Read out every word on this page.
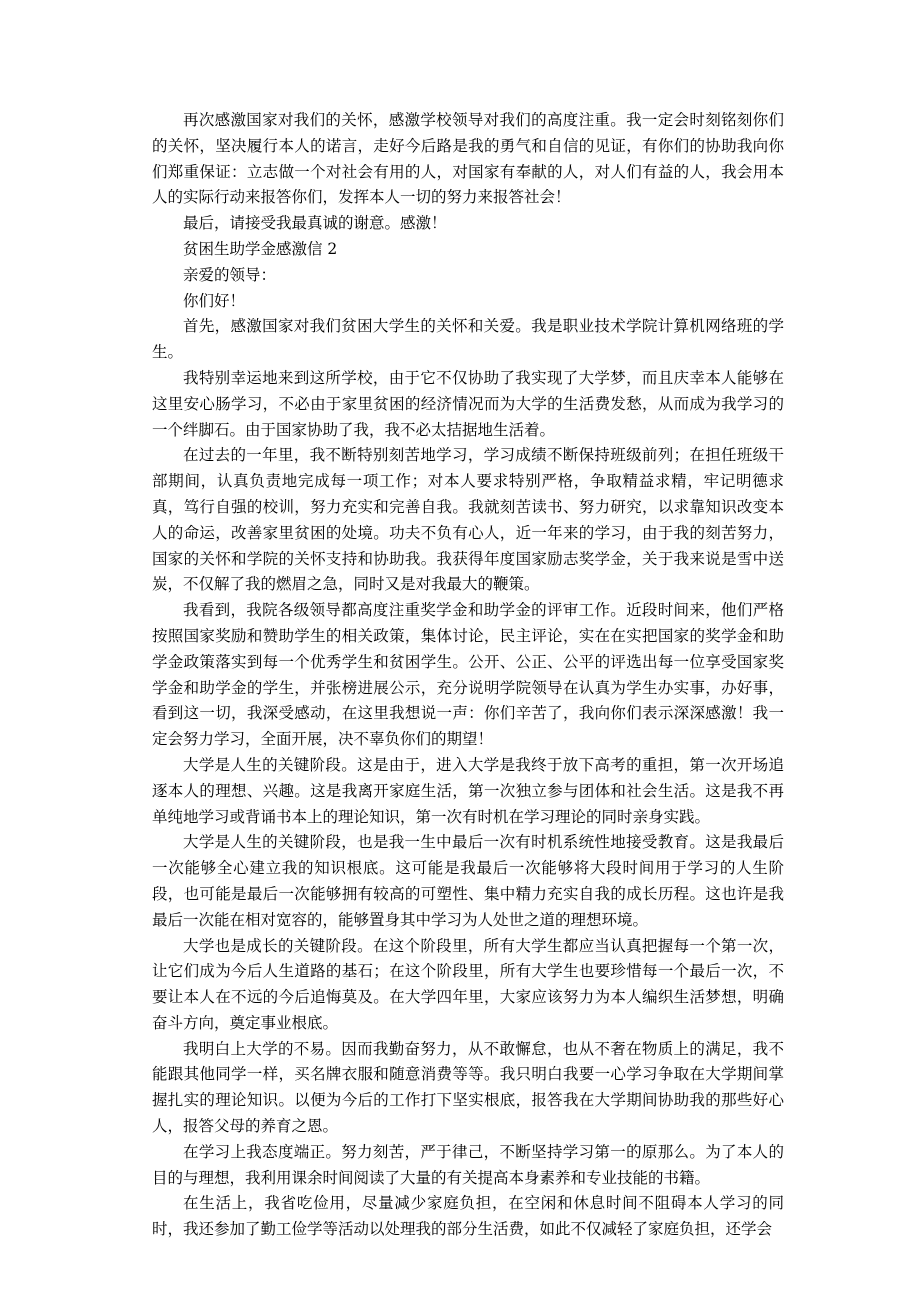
再次感激国家对我们的关怀，感激学校领导对我们的高度注重。我一定会时刻铭刻你们的关怀，坚决履行本人的诺言，走好今后路是我的勇气和自信的见证，有你们的协助我向你们郑重保证：立志做一个对社会有用的人，对国家有奉献的人，对人们有益的人，我会用本人的实际行动来报答你们，发挥本人一切的努力来报答社会！

最后，请接受我最真诚的谢意。感激！

贫困生助学金感激信 2

亲爱的领导：

你们好！

首先，感激国家对我们贫困大学生的关怀和关爱。我是职业技术学院计算机网络班的学生。

我特别幸运地来到这所学校，由于它不仅协助了我实现了大学梦，而且庆幸本人能够在这里安心肠学习，不必由于家里贫困的经济情况而为大学的生活费发愁，从而成为我学习的一个绊脚石。由于国家协助了我，我不必太拮据地生活着。

在过去的一年里，我不断特别刻苦地学习，学习成绩不断保持班级前列；在担任班级干部期间，认真负责地完成每一项工作；对本人要求特别严格，争取精益求精，牢记明德求真，笃行自强的校训，努力充实和完善自我。我就刻苦读书、努力研究，以求靠知识改变本人的命运，改善家里贫困的处境。功夫不负有心人，近一年来的学习，由于我的刻苦努力，国家的关怀和学院的关怀支持和协助我。我获得年度国家励志奖学金，关于我来说是雪中送炭，不仅解了我的燃眉之急，同时又是对我最大的鞭策。

我看到，我院各级领导都高度注重奖学金和助学金的评审工作。近段时间来，他们严格按照国家奖励和赞助学生的相关政策，集体讨论，民主评论，实在在实把国家的奖学金和助学金政策落实到每一个优秀学生和贫困学生。公开、公正、公平的评选出每一位享受国家奖学金和助学金的学生，并张榜进展公示，充分说明学院领导在认真为学生办实事，办好事，看到这一切，我深受感动，在这里我想说一声：你们辛苦了，我向你们表示深深感激！我一定会努力学习，全面开展，决不辜负你们的期望！

大学是人生的关键阶段。这是由于，进入大学是我终于放下高考的重担，第一次开场追逐本人的理想、兴趣。这是我离开家庭生活，第一次独立参与团体和社会生活。这是我不再单纯地学习或背诵书本上的理论知识，第一次有时机在学习理论的同时亲身实践。

大学是人生的关键阶段，也是我一生中最后一次有时机系统性地接受教育。这是我最后一次能够全心建立我的知识根底。这可能是我最后一次能够将大段时间用于学习的人生阶段，也可能是最后一次能够拥有较高的可塑性、集中精力充实自我的成长历程。这也许是我最后一次能在相对宽容的，能够置身其中学习为人处世之道的理想环境。

大学也是成长的关键阶段。在这个阶段里，所有大学生都应当认真把握每一个第一次，让它们成为今后人生道路的基石；在这个阶段里，所有大学生也要珍惜每一个最后一次，不要让本人在不远的今后追悔莫及。在大学四年里，大家应该努力为本人编织生活梦想，明确奋斗方向，奠定事业根底。

我明白上大学的不易。因而我勤奋努力，从不敢懈怠，也从不奢在物质上的满足，我不能跟其他同学一样，买名牌衣服和随意消费等等。我只明白我要一心学习争取在大学期间掌握扎实的理论知识。以便为今后的工作打下坚实根底，报答我在大学期间协助我的那些好心人，报答父母的养育之恩。

在学习上我态度端正。努力刻苦，严于律己，不断坚持学习第一的原那么。为了本人的目的与理想，我利用课余时间阅读了大量的有关提高本身素养和专业技能的书籍。

在生活上，我省吃俭用，尽量减少家庭负担，在空闲和休息时间不阻碍本人学习的同时，我还参加了勤工俭学等活动以处理我的部分生活费，如此不仅减轻了家庭负担，还学会
